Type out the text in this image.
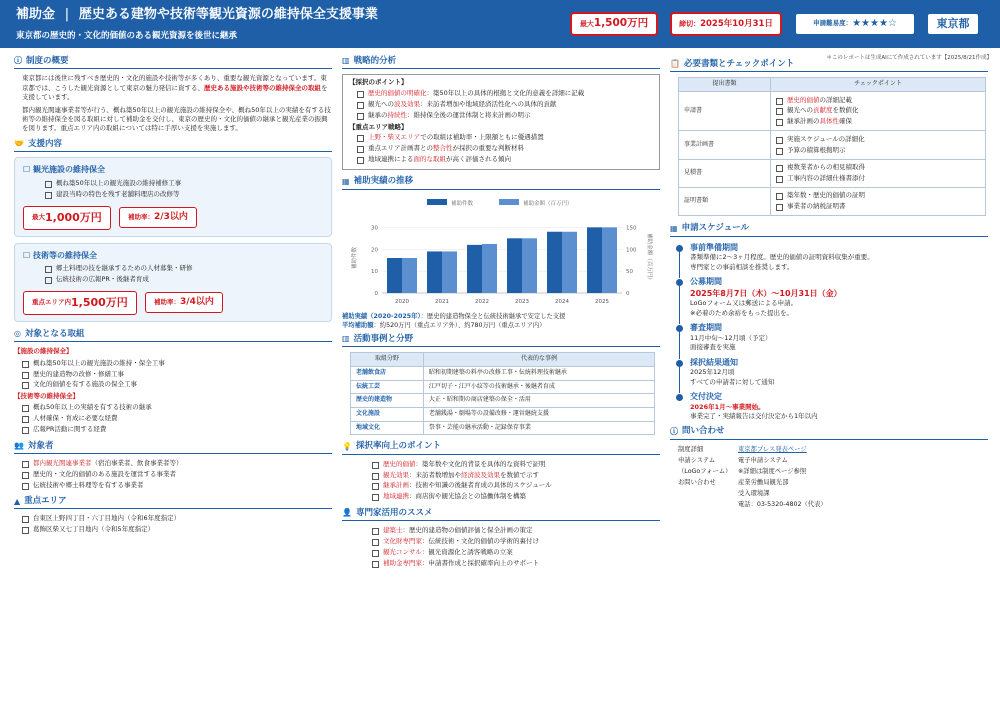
補助金 | 歴史ある建物や技術等観光資源の維持保全支援事業
東京都の歴史的・文化的価値のある観光資源を後世に継承
最大 1,500万円	締切： 2025年10月31日	申請難易度： ★★★★☆	東京都
＊このレポートは生成AIにて作成されています【2025/8/21作成】
ⓘ 制度の概要

東京都には後世に残すべき歴史的・文化的施設や技術等が多くあり、重要な観光資源となっています。東京都では、こうした観光資源として東京の魅力発信に資する、歴史ある施設や技術等の維持保全の取組を支援しています。

都内観光関連事業者等が行う、概ね築50年以上の観光施設の維持保全や、概ね50年以上の実績を有する技術等の維持保全を図る取組に対して補助金を交付し、東京の歴史的・文化的価値の継承と観光産業の振興を図ります。重点エリア内の取組については特に手厚い支援を実施します。

🤝 支援内容
☐ 観光施設の維持保全
概ね築50年以上の観光施設の維持補修工事
建設当時の特色を残す老舗料理店の改修等
最大 1,000万円
	補助率： 2/3以内
☐ 技術等の維持保全
郷土料理の技を継承するための人材募集・研修
伝統技術の広報PR・後継者育成
重点エリア内 1,500万円
	補助率： 3/4以内
◎ 対象となる取組
【施設の維持保全】
概ね築50年以上の観光施設の維持・保全工事
歴史的建造物の改修・修繕工事
文化的価値を有する施設の保全工事
【技術等の維持保全】
概ね50年以上の実績を有する技術の継承
人材確保・育成に必要な経費
広報PR活動に関する経費
👥 対象者
都内観光関連事業者（宿泊事業者、飲食事業者等）
歴史的・文化的価値のある施設を運営する事業者
伝統技術や郷土料理等を有する事業者
▲ 重点エリア
台東区上野四丁目・六丁目地内（令和6年度指定）
葛飾区柴又七丁目地内（令和5年度指定）
▥ 戦略的分析
【採択のポイント】
歴史的価値の明確化：築50年以上の具体的根拠と文化的意義を詳細に記載
観光への波及効果：来訪者増加や地域経済活性化への具体的貢献
継承の持続性：維持保全後の運営体制と将来計画の明示
【重点エリア戦略】
上野・柴又エリアでの取組は補助率・上限額ともに優遇措置
重点エリア計画書との整合性が採択の重要な判断材料
地域連携による面的な取組が高く評価される傾向
▦ 補助実績の推移
補助件数	補助金額（百万円）
0	0
10	50
20	100
30	150
補助件数	補助金額（百万円）
2020	2021	2022	2023	2024	2025

補助実績（2020-2025年）：歴史的建造物保全と伝統技術継承で安定した支援

平均補助額：約520万円（重点エリア外）、約780万円（重点エリア内）

▥ 活動事例と分野
取組分野	代表的な事例
老舗飲食店	昭和初期建築の料亭の改修工事・伝統料理技術継承
伝統工芸	江戸切子・江戸小紋等の技術継承・後継者育成
歴史的建造物	大正・昭和期の商店建築の保全・活用
文化施設	老舗銭湯・劇場等の設備改修・運営継続支援
地域文化	祭事・芸能の継承活動・記録保存事業
💡 採択率向上のポイント
歴史的価値：築年数や文化的背景を具体的な資料で証明
観光効果：来訪者数増加や経済波及効果を数値で示す
継承計画：技術や知識の後継者育成の具体的スケジュール
地域連携：商店街や観光協会との協働体制を構築
👤 専門家活用のススメ
建築士：歴史的建造物の価値評価と保全計画の策定
文化財専門家：伝統技術・文化的価値の学術的裏付け
観光コンサル：観光資源化と誘客戦略の立案
補助金専門家：申請書作成と採択確率向上のサポート
📋 必要書類とチェックポイント
提出書類	チェックポイント
申請書	歴史的価値の詳細記載
観光への貢献度を数値化
継承計画の具体性確保

事業計画書	実施スケジュールの詳細化
予算の積算根拠明示

見積書	複数業者からの相見積取得
工事内容の詳細仕様書添付

証明書類	築年数・歴史的価値の証明
事業者の納税証明書
▦ 申請スケジュール
事前準備期間

書類準備に2〜3ヶ月程度。歴史的価値の証明資料収集が重要。

専門家との事前相談を推奨します。

公募期間
2025年8月7日（木）〜10月31日（金）

LoGoフォーム又は郵送による申請。

※必着のため余裕をもった提出を。

審査期間

11月中旬〜12月頃（予定）

面接審査を実施

採択結果通知

2025年12月頃

すべての申請者に対して通知

交付決定

2026年1月〜事業開始。

事業完了・実績報告は交付決定から1年以内

ⓘ 問い合わせ
制度詳細	東京都プレス発表ページ
申請システム	電子申請システム
（LoGoフォーム）	※詳細は制度ページ参照
お問い合わせ	産業労働局観光部
受入環境課
電話：03-5320-4802（代表）
